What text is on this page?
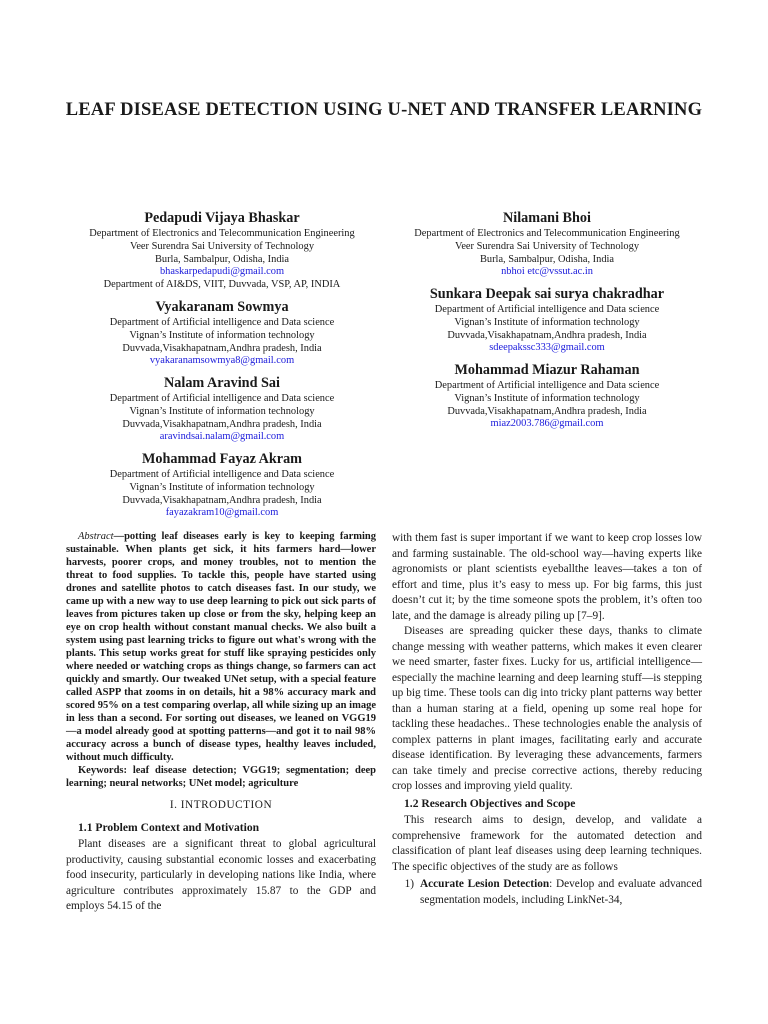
LEAF DISEASE DETECTION USING U-NET AND TRANSFER LEARNING
Pedapudi Vijaya Bhaskar
Department of Electronics and Telecommunication Engineering
Veer Surendra Sai University of Technology
Burla, Sambalpur, Odisha, India
bhaskarpedapudi@gmail.com
Department of AI&DS, VIIT, Duvvada, VSP, AP, INDIA
Vyakaranam Sowmya
Department of Artificial intelligence and Data science
Vignan’s Institute of information technology
Duvvada,Visakhapatnam,Andhra pradesh, India
vyakaranamsowmya8@gmail.com
Nalam Aravind Sai
Department of Artificial intelligence and Data science
Vignan’s Institute of information technology
Duvvada,Visakhapatnam,Andhra pradesh, India
aravindsai.nalam@gmail.com
Mohammad Fayaz Akram
Department of Artificial intelligence and Data science
Vignan’s Institute of information technology
Duvvada,Visakhapatnam,Andhra pradesh, India
fayazakram10@gmail.com
Nilamani Bhoi
Department of Electronics and Telecommunication Engineering
Veer Surendra Sai University of Technology
Burla, Sambalpur, Odisha, India
nbhoi etc@vssut.ac.in
Sunkara Deepak sai surya chakradhar
Department of Artificial intelligence and Data science
Vignan’s Institute of information technology
Duvvada,Visakhapatnam,Andhra pradesh, India
sdeepakssc333@gmail.com
Mohammad Miazur Rahaman
Department of Artificial intelligence and Data science
Vignan’s Institute of information technology
Duvvada,Visakhapatnam,Andhra pradesh, India
miaz2003.786@gmail.com
Abstract—potting leaf diseases early is key to keeping farming sustainable. When plants get sick, it hits farmers hard—lower harvests, poorer crops, and money troubles, not to mention the threat to food supplies. To tackle this, people have started using drones and satellite photos to catch diseases fast. In our study, we came up with a new way to use deep learning to pick out sick parts of leaves from pictures taken up close or from the sky, helping keep an eye on crop health without constant manual checks. We also built a system using past learning tricks to figure out what's wrong with the plants. This setup works great for stuff like spraying pesticides only where needed or watching crops as things change, so farmers can act quickly and smartly. Our tweaked UNet setup, with a special feature called ASPP that zooms in on details, hit a 98% accuracy mark and scored 95% on a test comparing overlap, all while sizing up an image in less than a second. For sorting out diseases, we leaned on VGG19—a model already good at spotting patterns—and got it to nail 98% accuracy across a bunch of disease types, healthy leaves included, without much difficulty.
Keywords: leaf disease detection; VGG19; segmentation; deep learning; neural networks; UNet model; agriculture
I. INTRODUCTION
1.1 Problem Context and Motivation

Plant diseases are a significant threat to global agricultural productivity, causing substantial economic losses and exacerbating food insecurity, particularly in developing nations like India, where agriculture contributes approximately 15.87 to the GDP and employs 54.15 of the

with them fast is super important if we want to keep crop losses low and farming sustainable. The old-school way—having experts like agronomists or plant scientists eyeballthe leaves—takes a ton of effort and time, plus it’s easy to mess up. For big farms, this just doesn’t cut it; by the time someone spots the problem, it’s often too late, and the damage is already piling up [7–9].

Diseases are spreading quicker these days, thanks to climate change messing with weather patterns, which makes it even clearer we need smarter, faster fixes. Lucky for us, artificial intelligence—especially the machine learning and deep learning stuff—is stepping up big time. These tools can dig into tricky plant patterns way better than a human staring at a field, opening up some real hope for tackling these headaches.. These technologies enable the analysis of complex patterns in plant images, facilitating early and accurate disease identification. By leveraging these advancements, farmers can take timely and precise corrective actions, thereby reducing crop losses and improving yield quality.

1.2 Research Objectives and Scope

This research aims to design, develop, and validate a comprehensive framework for the automated detection and classification of plant leaf diseases using deep learning techniques. The specific objectives of the study are as follows

1) Accurate Lesion Detection: Develop and evaluate advanced segmentation models, including LinkNet-34,
